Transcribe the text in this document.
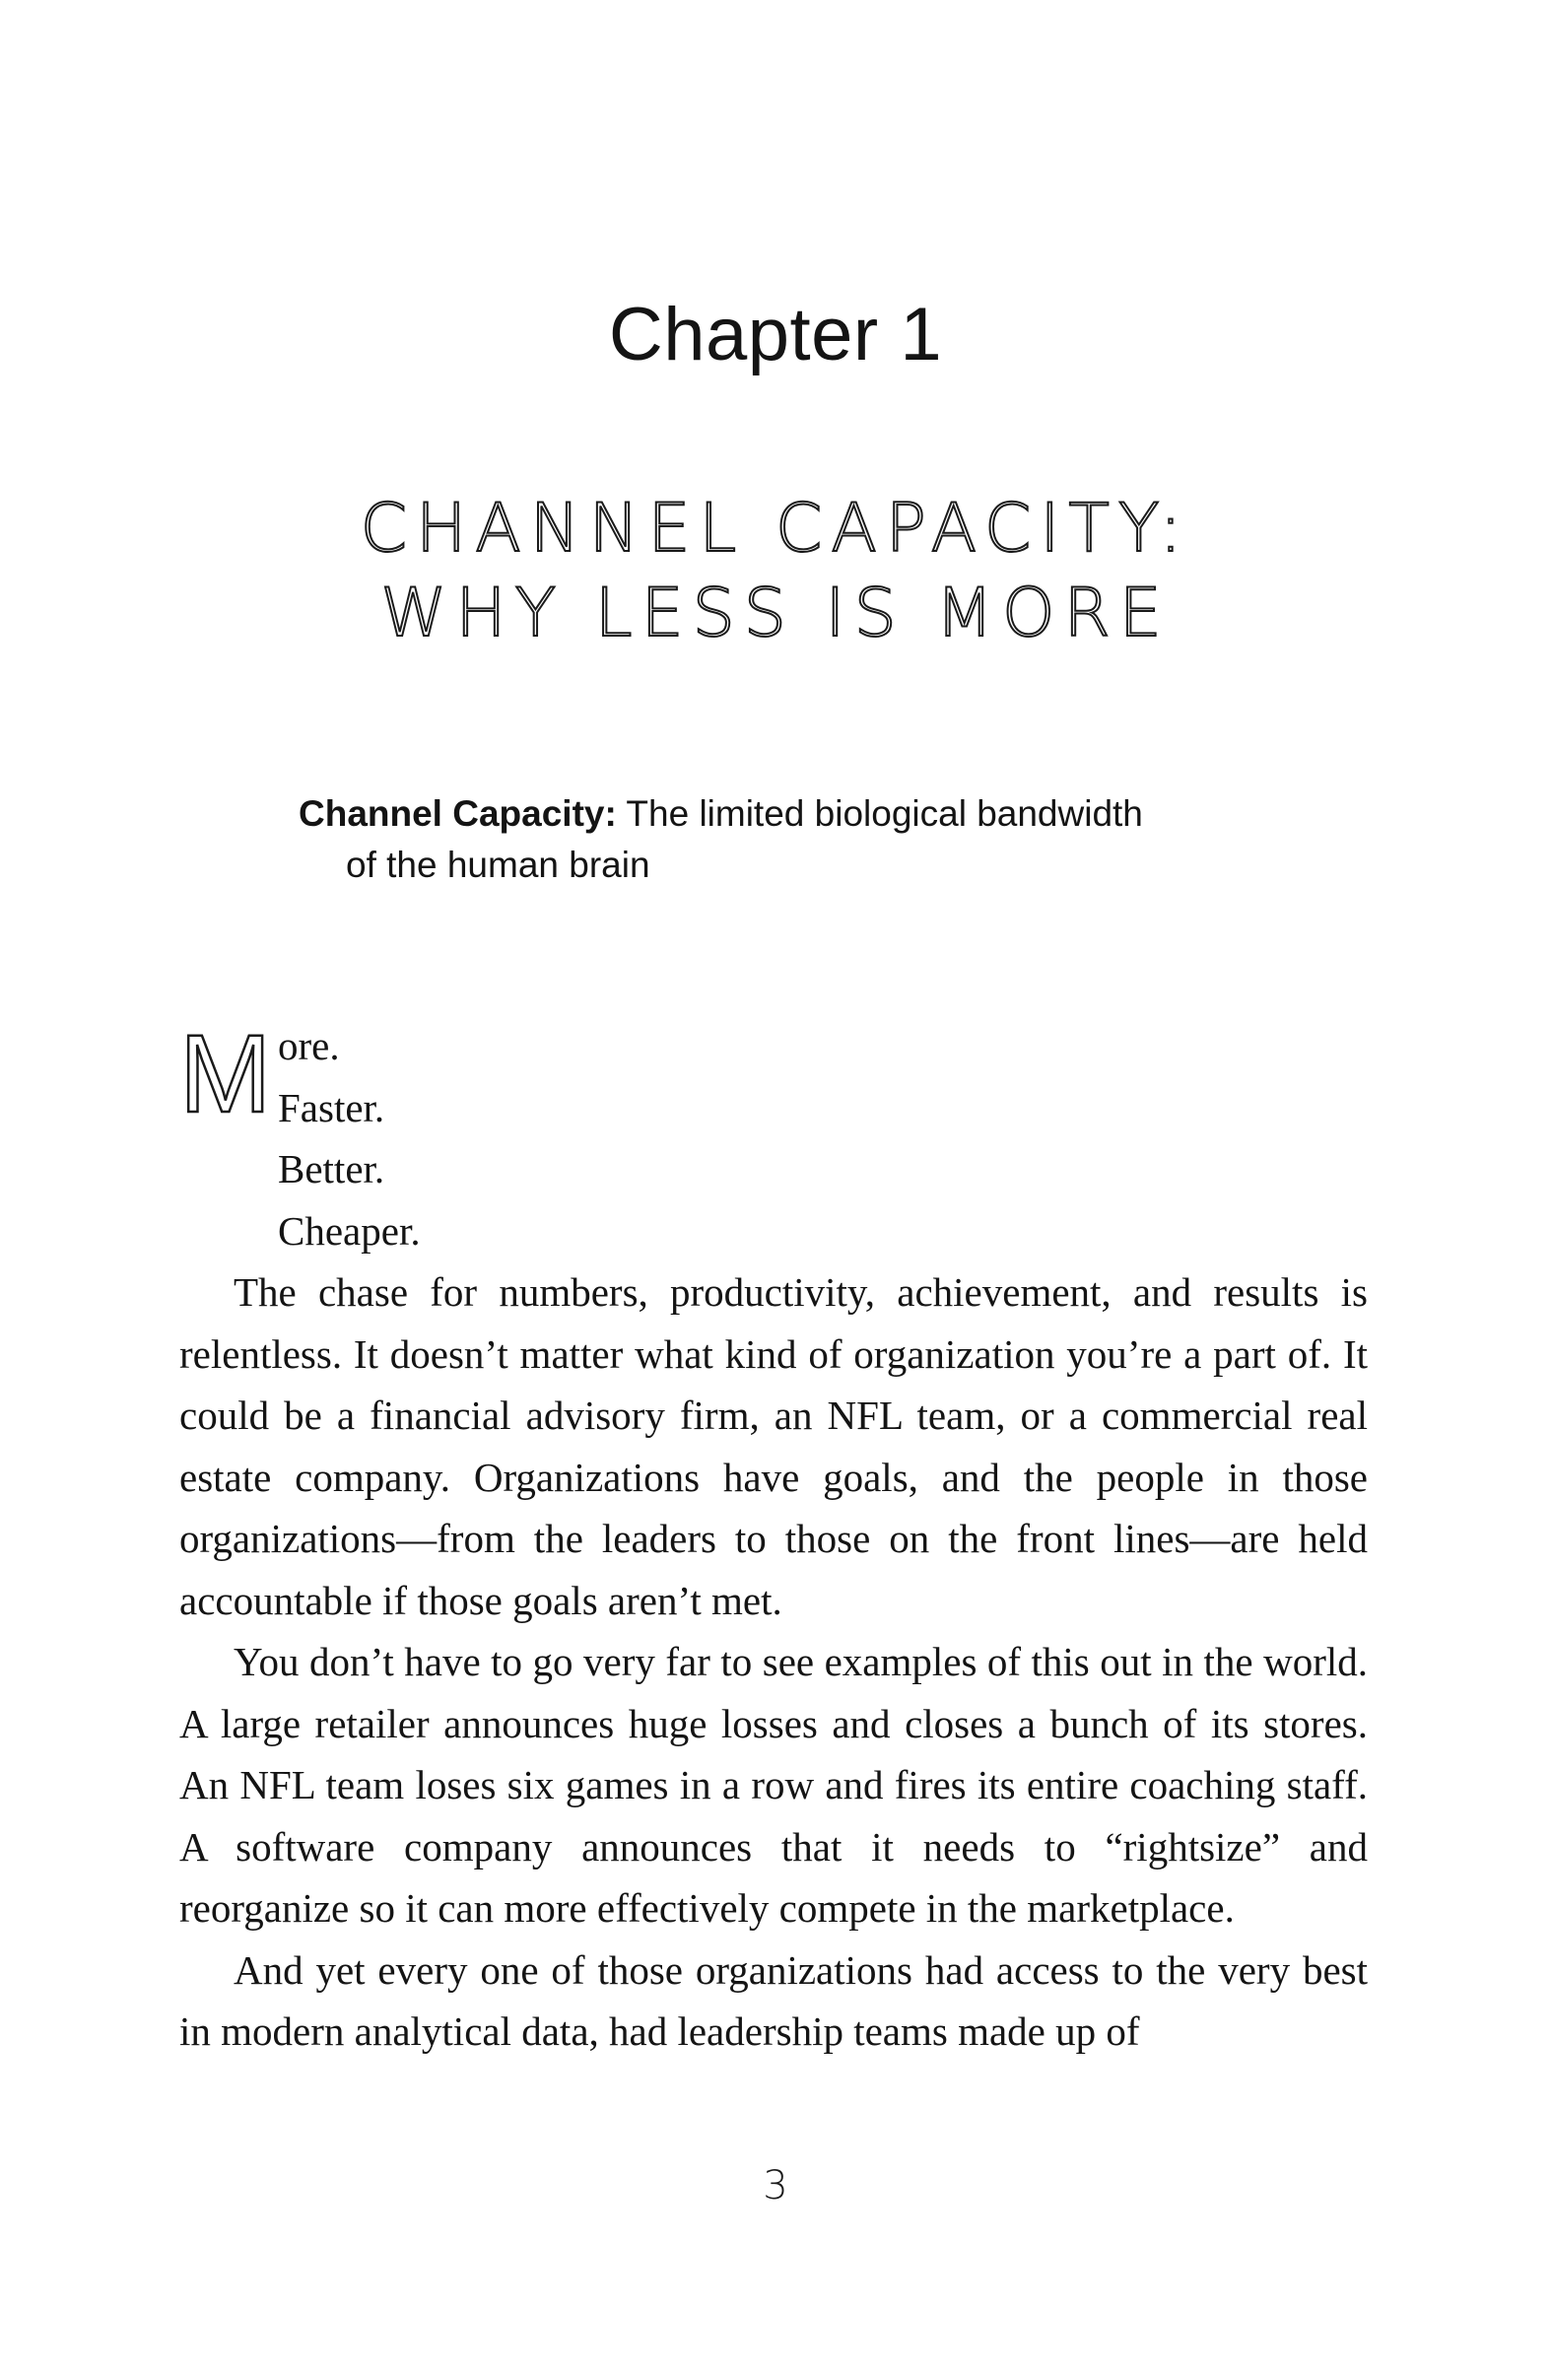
Chapter 1
CHANNEL CAPACITY:
WHY LESS IS MORE
Channel Capacity: The limited biological bandwidth
of the human brain
M ore.
Faster.
Better.
Cheaper.

The chase for numbers, productivity, achievement, and results is relentless. It doesn’t matter what kind of organization you’re a part of. It could be a financial advisory firm, an NFL team, or a commercial real estate company. Organizations have goals, and the people in those organizations—from the leaders to those on the front lines—are held accountable if those goals aren’t met.

You don’t have to go very far to see examples of this out in the world. A large retailer announces huge losses and closes a bunch of its stores. An NFL team loses six games in a row and fires its entire coaching staff. A software company announces that it needs to “rightsize” and reorganize so it can more effectively compete in the marketplace.

And yet every one of those organizations had access to the very best in modern analytical data, had leadership teams made up of

3
